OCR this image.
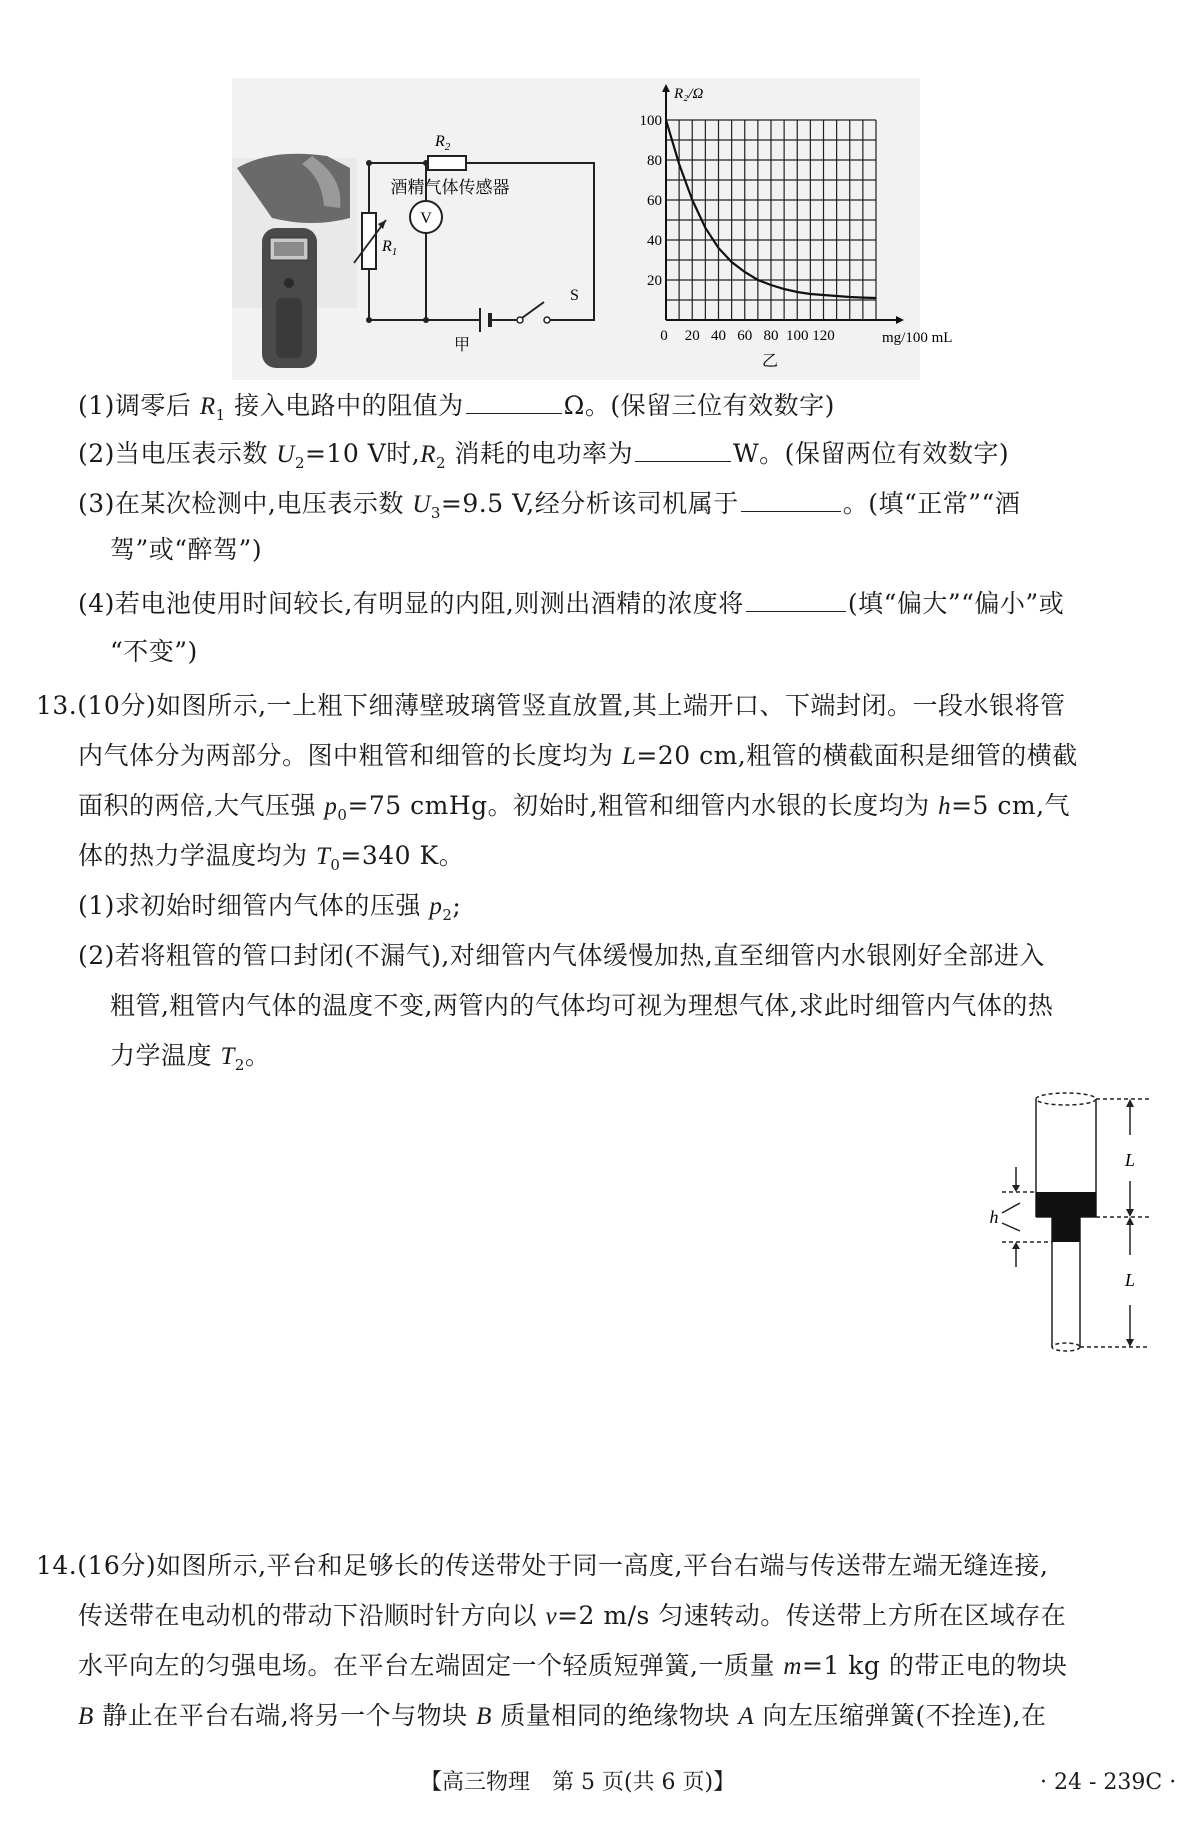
$R_2$
酒精气体传感器
$R_1$
V
S
甲
20
40
60
80
100
0 20 40 60 80 100 120
R₂/Ω
mg/100 mL
乙
(1)调零后 $R_1$ 接入电路中的阻值为	Ω。(保留三位有效数字)
(2)当电压表示数 $U_2=10$ V时$,R_2$ 消耗的电功率为	W。(保留两位有效数字)
(3)在某次检测中,电压表示数 $U_3=9.5$ V,经分析该司机属于	。(填“正常”“酒
驾”或“醉驾”)
(4)若电池使用时间较长,有明显的内阻,则测出酒精的浓度将	(填“偏大”“偏小”或
“不变”)
13.(10分)如图所示,一上粗下细薄壁玻璃管竖直放置,其上端开口、下端封闭。一段水银将管
内气体分为两部分。图中粗管和细管的长度均为 L=20 cm,粗管的横截面积是细管的横截
面积的两倍,大气压强 $p_0=75$ cmHg。初始时,粗管和细管内水银的长度均为 h=5 cm,气
体的热力学温度均为 $T_0=340$ K。
(1)求初始时细管内气体的压强 $p_2$;
(2)若将粗管的管口封闭(不漏气),对细管内气体缓慢加热,直至细管内水银刚好全部进入
粗管,粗管内气体的温度不变,两管内的气体均可视为理想气体,求此时细管内气体的热
力学温度 $T_2$。
L
L
h
14.(16分)如图所示,平台和足够长的传送带处于同一高度,平台右端与传送带左端无缝连接,
传送带在电动机的带动下沿顺时针方向以 v=2 m/s 匀速转动。传送带上方所在区域存在
水平向左的匀强电场。在平台左端固定一个轻质短弹簧,一质量 m=1 kg 的带正电的物块
B 静止在平台右端,将另一个与物块 B 质量相同的绝缘物块 A 向左压缩弹簧(不拴连),在
【高三物理　第 5 页(共 6 页)】	· 24 - 239C ·
